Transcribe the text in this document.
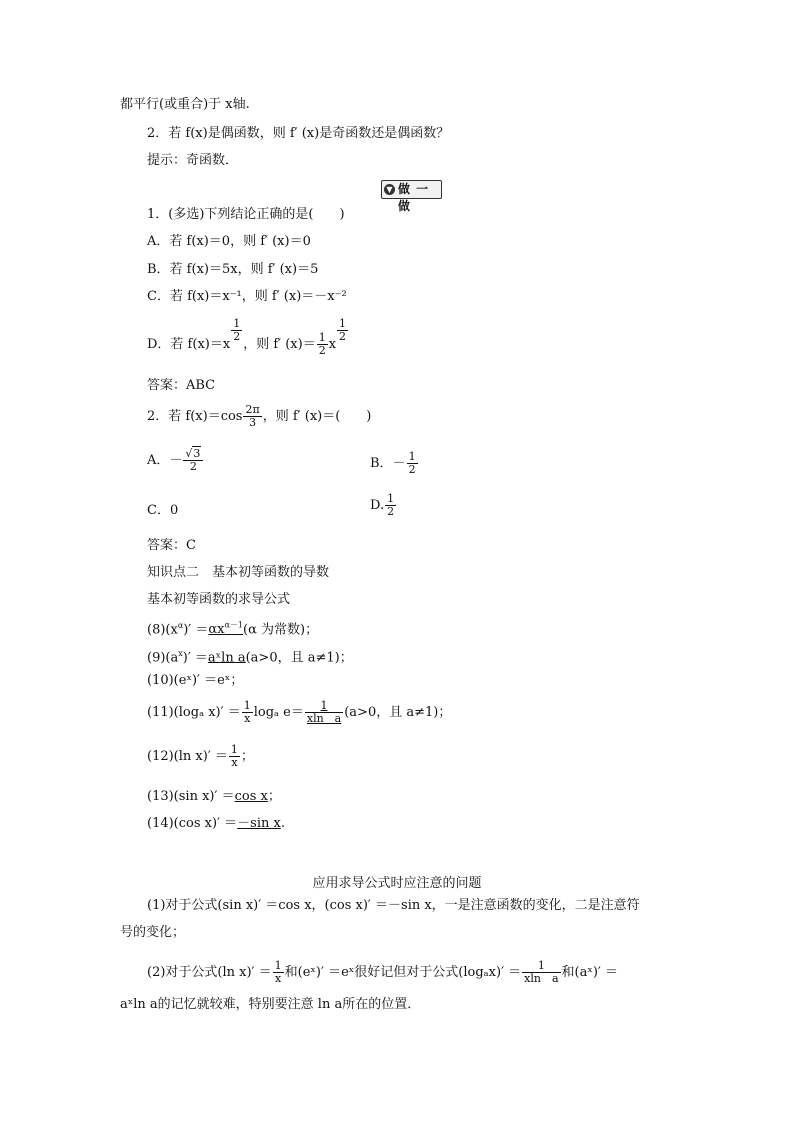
都平行(或重合)于 x轴.
2．若 f(x)是偶函数，则 f′ (x)是奇函数还是偶函数？
提示：奇函数．
▼ 做 一 做
1．(多选)下列结论正确的是(　　)
A．若 f(x)＝0，则 f′ (x)＝0
B．若 f(x)＝5x，则 f′ (x)＝5
C．若 f(x)＝x⁻¹，则 f′ (x)＝－x⁻²
D．若 f(x)＝x
$\frac{1}{2}$
，则 f′ $(x)= \frac{1}{2}$ x
$\frac{1}{2}$
答案：ABC
2．若 $f(x)=\cos \frac{2\pi}{3}$ ，则 f′ (x)＝(　　)
A．－ $\frac{√3}{2}$	B．－ $\frac{1}{2}$
C．0	D. $\frac{1}{2}$
答案：C
知识点二　基本初等函数的导数
基本初等函数的求导公式
$(8)(x^\alpha)' =\alpha x^{\alpha-1}(\alpha$ 为常数)；
$(9)(a^x)'$ ＝aˣln a(a>0，且 a≠1)；
(10)(eˣ)′ ＝eˣ；
(11)(logₐ $x)' = \frac{1}{x}$ logₐ $e= \frac{1}{\text{xln　a}} (a>0$，且 a≠1)；
(12)(ln $x)' = \frac{1}{x}$ ；
(13)(sin x)′ ＝cos x；
(14)(cos x)′ ＝－sin x.
应用求导公式时应注意的问题
(1)对于公式(sin x)′ ＝cos x，(cos x)′ ＝－sin x，一是注意函数的变化，二是注意符
号的变化；
(2)对于公式(ln $x)' = \frac{1}{x}$ 和(eˣ)′ ＝eˣ很好记但对于公式$(\log_ax)' = \frac{1}{\text{xln　a}}$ 和(aˣ)′ ＝
aˣln a的记忆就较难，特别要注意 ln a所在的位置．
